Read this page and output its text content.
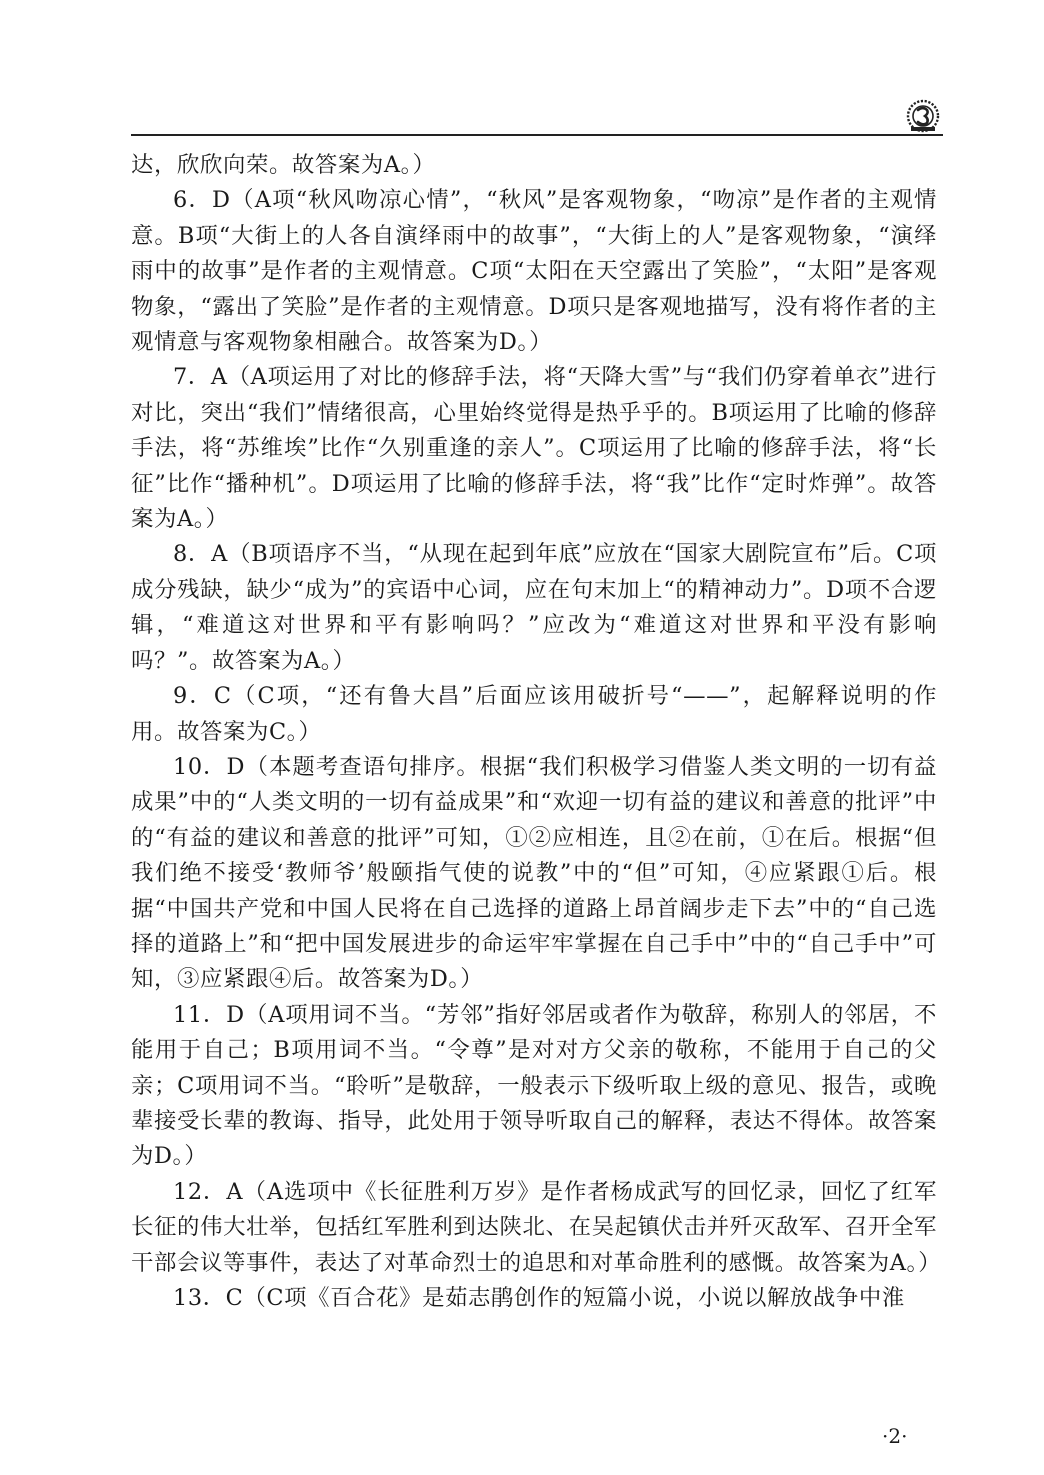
达，欣欣向荣。故答案为A。）

6．D（A项“秋风吻凉心情”，“秋风”是客观物象，“吻凉”是作者的主观情意。B项“大街上的人各自演绎雨中的故事”，“大街上的人”是客观物象，“演绎雨中的故事”是作者的主观情意。C项“太阳在天空露出了笑脸”，“太阳”是客观物象，“露出了笑脸”是作者的主观情意。D项只是客观地描写，没有将作者的主观情意与客观物象相融合。故答案为D。）

7．A（A项运用了对比的修辞手法，将“天降大雪”与“我们仍穿着单衣”进行对比，突出“我们”情绪很高，心里始终觉得是热乎乎的。B项运用了比喻的修辞手法，将“苏维埃”比作“久别重逢的亲人”。C项运用了比喻的修辞手法，将“长征”比作“播种机”。D项运用了比喻的修辞手法，将“我”比作“定时炸弹”。故答案为A。）

8．A（B项语序不当，“从现在起到年底”应放在“国家大剧院宣布”后。C项成分残缺，缺少“成为”的宾语中心词，应在句末加上“的精神动力”。D项不合逻辑，“难道这对世界和平有影响吗？”应改为“难道这对世界和平没有影响吗？”。故答案为A。）

9．C（C项，“还有鲁大昌”后面应该用破折号“——”，起解释说明的作用。故答案为C。）

10．D（本题考查语句排序。根据“我们积极学习借鉴人类文明的一切有益成果”中的“人类文明的一切有益成果”和“欢迎一切有益的建议和善意的批评”中的“有益的建议和善意的批评”可知，①②应相连，且②在前，①在后。根据“但我们绝不接受‘教师爷’般颐指气使的说教”中的“但”可知，④应紧跟①后。根据“中国共产党和中国人民将在自己选择的道路上昂首阔步走下去”中的“自己选择的道路上”和“把中国发展进步的命运牢牢掌握在自己手中”中的“自己手中”可知，③应紧跟④后。故答案为D。）

11．D（A项用词不当。“芳邻”指好邻居或者作为敬辞，称别人的邻居，不能用于自己；B项用词不当。“令尊”是对对方父亲的敬称，不能用于自己的父亲；C项用词不当。“聆听”是敬辞，一般表示下级听取上级的意见、报告，或晚辈接受长辈的教诲、指导，此处用于领导听取自己的解释，表达不得体。故答案为D。）

12．A（A选项中《长征胜利万岁》是作者杨成武写的回忆录，回忆了红军长征的伟大壮举，包括红军胜利到达陕北、在吴起镇伏击并歼灭敌军、召开全军干部会议等事件，表达了对革命烈士的追思和对革命胜利的感慨。故答案为A。）

13．C（C项《百合花》是茹志鹃创作的短篇小说，小说以解放战争中淮

·2·
